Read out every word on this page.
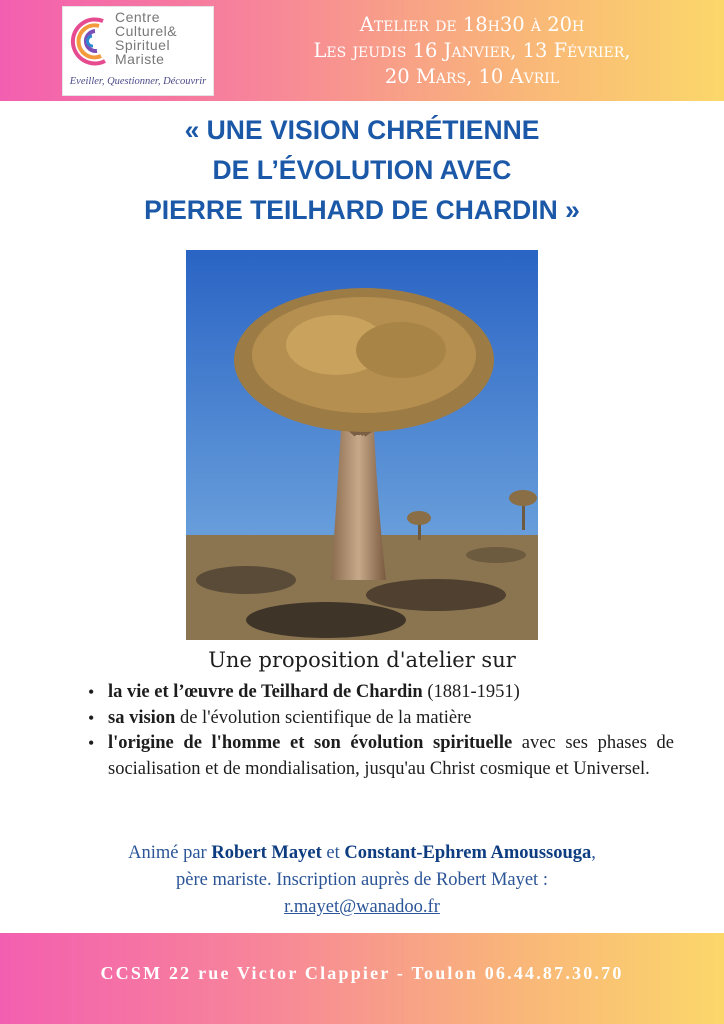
Centre
Culturel&
Spirituel
Mariste
Eveiller, Questionner, Découvrir
Atelier de 18h30 à 20h
Les jeudis 16 Janvier, 13 Février,
20 Mars, 10 Avril
« UNE VISION CHRÉTIENNE
DE L’ÉVOLUTION AVEC
PIERRE TEILHARD DE CHARDIN »
Une proposition d'atelier sur
• la vie et l’œuvre de Teilhard de Chardin (1881-1951)
• sa vision de l'évolution scientifique de la matière
• l'origine de l'homme et son évolution spirituelle avec ses phases de socialisation et de mondialisation, jusqu'au Christ cosmique et Universel.
Animé par Robert Mayet et Constant-Ephrem Amoussouga,
père mariste. Inscription auprès de Robert Mayet :
r.mayet@wanadoo.fr
CCSM 22 rue Victor Clappier - Toulon 06.44.87.30.70
